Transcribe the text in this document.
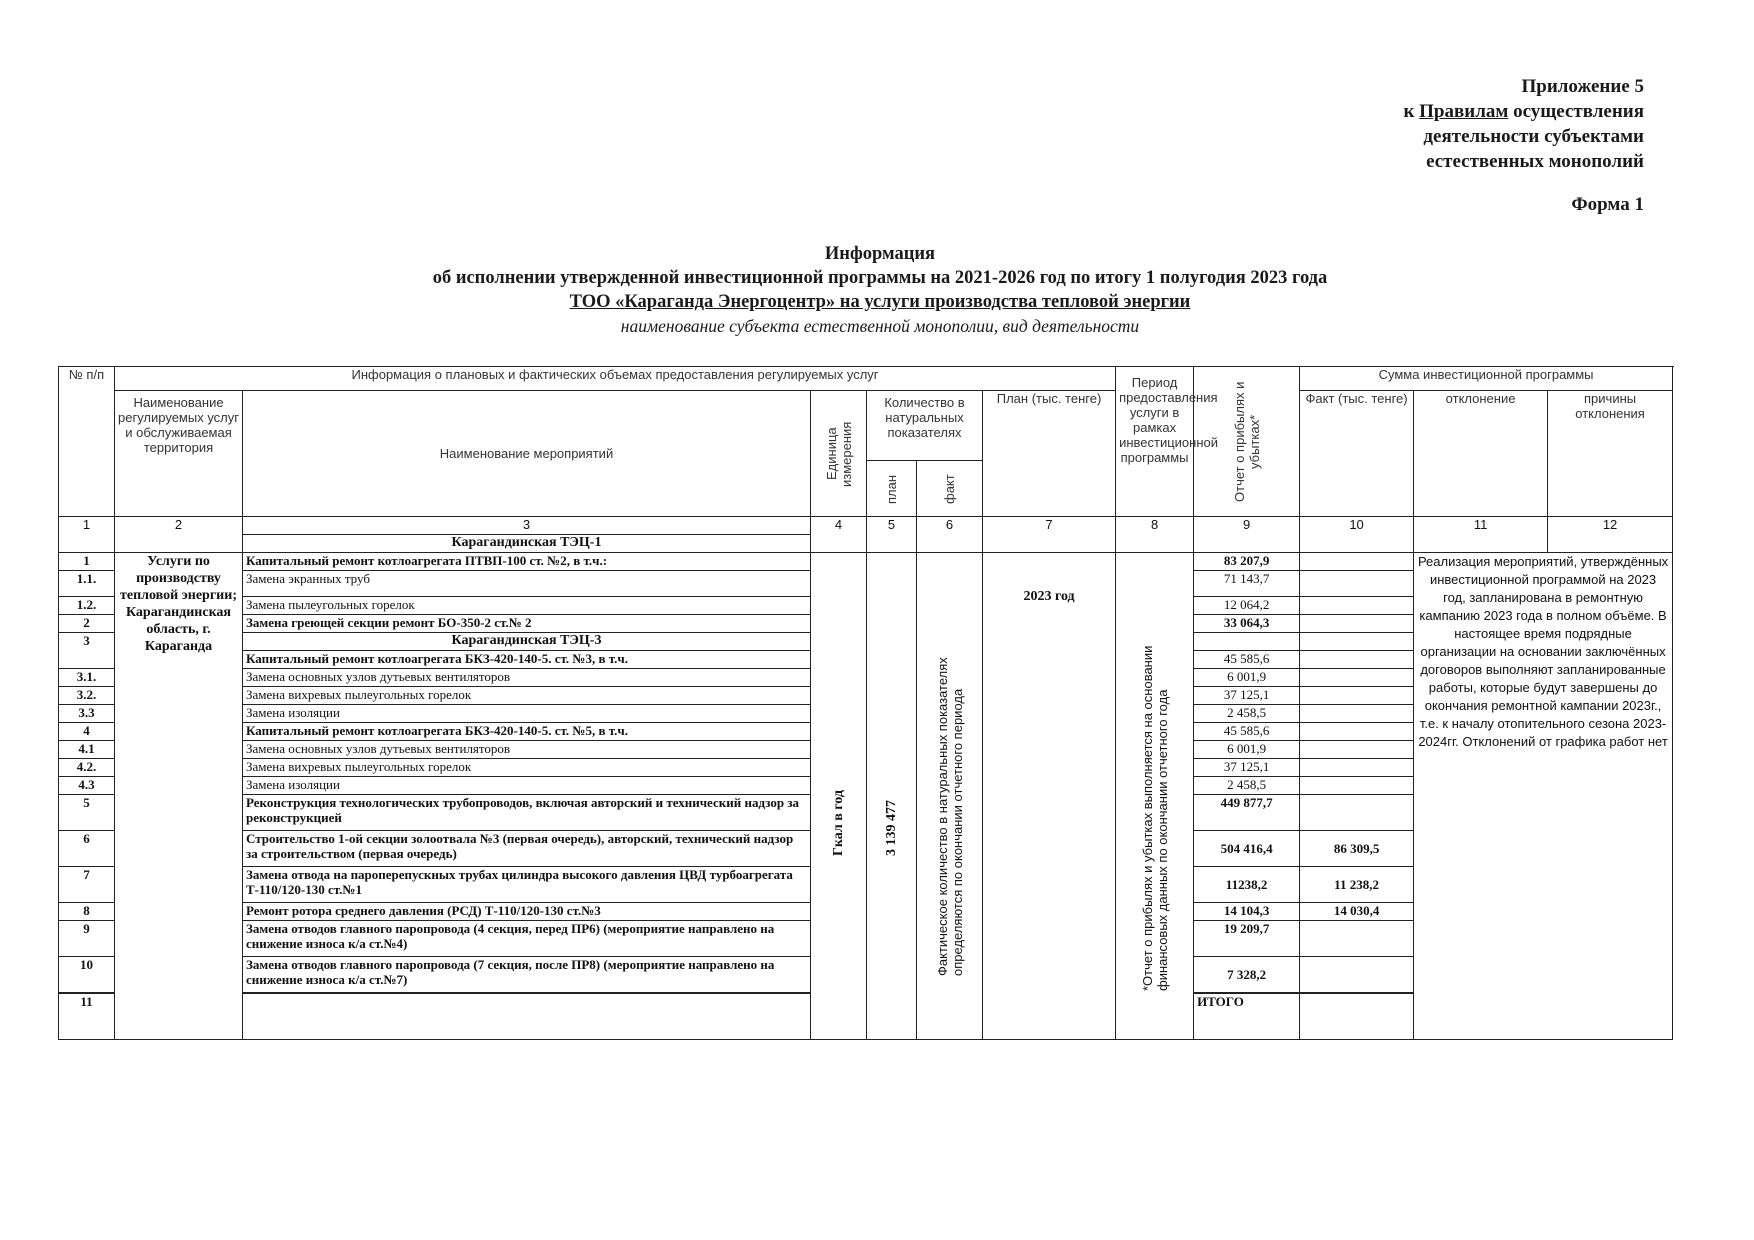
Приложение 5
к Правилам осуществления
деятельности субъектами
естественных монополий
Форма 1
Информация
об исполнении утвержденной инвестиционной программы на 2021-2026 год по итогу 1 полугодия 2023 года
ТОО «Караганда Энергоцентр» на услуги производства тепловой энергии
наименование субъекта естественной монополии, вид деятельности
№ п/п	Информация о плановых и фактических объемах предоставления регулируемых услуг						Период предоставления услуги в рамках инвестиционной программы	Отчет о прибылях и убытках*	Сумма инвестиционной программы			
	Наименование регулируемых услуг и обслуживаемая территория	Наименование мероприятий	Единица измерения	Количество в натуральных показателях		План (тыс. тенге)			Факт (тыс. тенге)	отклонение	причины отклонения	

				план	факт							

1	2	3	4	5	6	7	8	9	10	11	12	
		Карагандинская ТЭЦ-1										
1	Услуги по производству тепловой энергии; Карагандинская область, г. Караганда	Капитальный ремонт котлоагрегата ПТВП-100 ст. №2, в т.ч.:	Гкал в год	3 139 477	Фактическое количество в натуральных показателях определяются по окончании отчетного периода	2023 год	*Отчет о прибылях и убытках выполняется на основании финансовых данных по окончании отчетного года	83 207,9		Реализация мероприятий, утверждённых инвестиционной программой на 2023 год, запланирована в ремонтную кампанию 2023 года в полном объёме. В настоящее время подрядные организации на основании заключённых договоров выполняют запланированные работы, которые будут завершены до окончания ремонтной кампании 2023г., т.е. к началу отопительного сезона 2023-2024гг. Отклонений от графика работ нет		
1.1.		Замена экранных труб						71 143,7				
1.2.		Замена пылеугольных горелок						12 064,2				
2		Замена греющей секции ремонт БО-350-2 ст.№ 2						33 064,3				
3		Карагандинская ТЭЦ-3										
		Капитальный ремонт котлоагрегата БКЗ-420-140-5. ст. №3, в т.ч.						45 585,6				
3.1.		Замена основных узлов дутьевых вентиляторов						6 001,9				
3.2.		Замена вихревых пылеугольных горелок						37 125,1				
3.3		Замена изоляции						2 458,5				
4		Капитальный ремонт котлоагрегата БКЗ-420-140-5. ст. №5, в т.ч.						45 585,6				
4.1		Замена основных узлов дутьевых вентиляторов						6 001,9				
4.2.		Замена вихревых пылеугольных горелок						37 125,1				
4.3		Замена изоляции						2 458,5				
5		Реконструкция технологических трубопроводов, включая авторский и технический надзор за реконструкцией						449 877,7				
6		Строительство 1-ой секции золоотвала №3 (первая очередь), авторский, технический надзор за строительством (первая очередь)						504 416,4	86 309,5			
7		Замена отвода на пароперепускных трубах цилиндра высокого давления ЦВД турбоагрегата Т-110/120-130 ст.№1						11238,2	11 238,2			
8		Ремонт ротора среднего давления (РСД) Т-110/120-130 ст.№3						14 104,3	14 030,4			
9		Замена отводов главного паропровода (4 секция, перед ПР6) (мероприятие направлено на снижение износа к/а ст.№4)						19 209,7				
10		Замена отводов главного паропровода (7 секция, после ПР8) (мероприятие направлено на снижение износа к/а ст.№7)						7 328,2				

11								ИТОГО									
